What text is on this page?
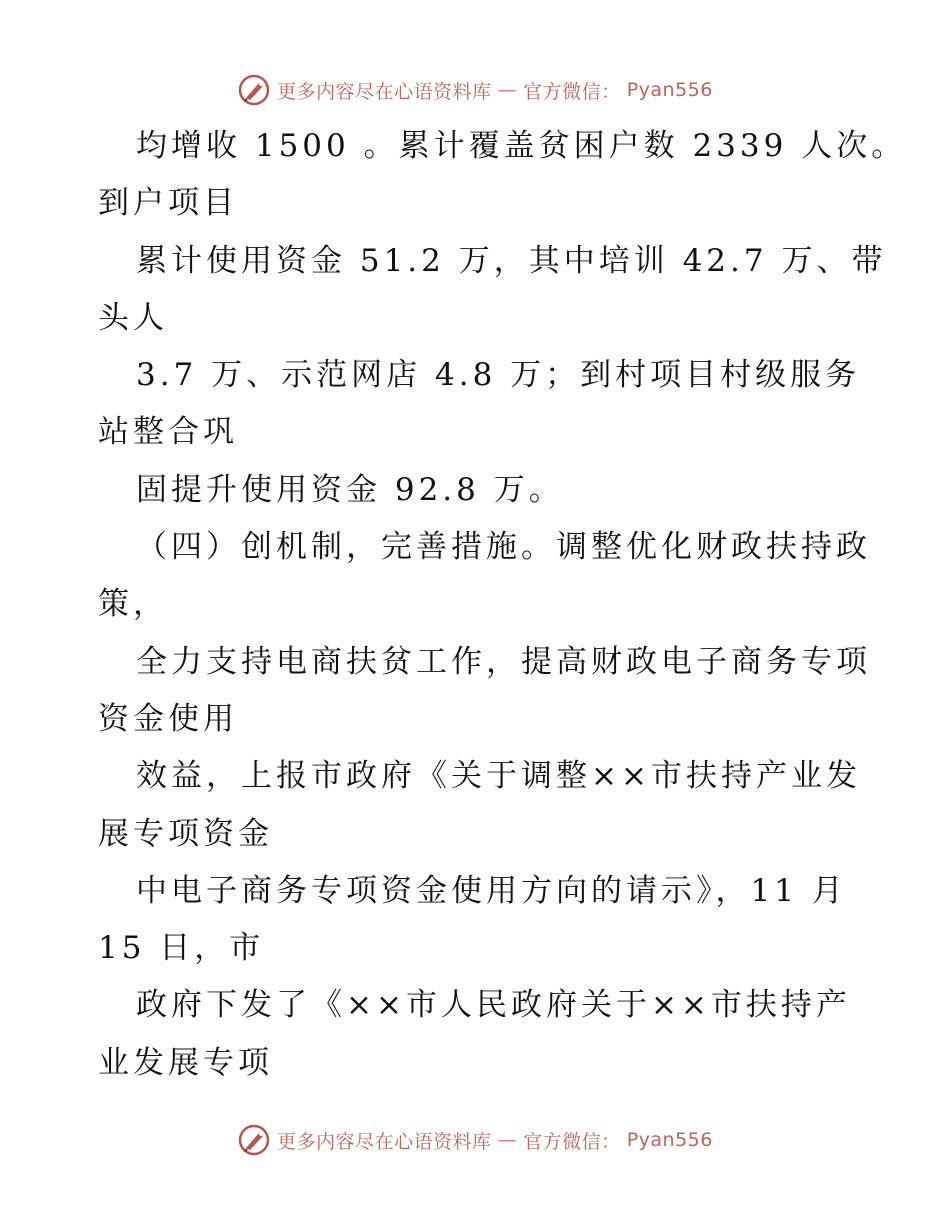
更多内容尽在心语资料库 — 官方微信： Pyan556
均增收 1500 。累计覆盖贫困户数 2339 人次。
到户项目
累计使用资金 51.2 万，其中培训 42.7 万、带
头人
3.7 万、示范网店 4.8 万；到村项目村级服务
站整合巩
固提升使用资金 92.8 万。
（四）创机制，完善措施。调整优化财政扶持政
策，
全力支持电商扶贫工作，提高财政电子商务专项
资金使用
效益，上报市政府《关于调整××市扶持产业发
展专项资金
中电子商务专项资金使用方向的请示》，11 月
15 日，市
政府下发了《××市人民政府关于××市扶持产
业发展专项
更多内容尽在心语资料库 — 官方微信： Pyan556
